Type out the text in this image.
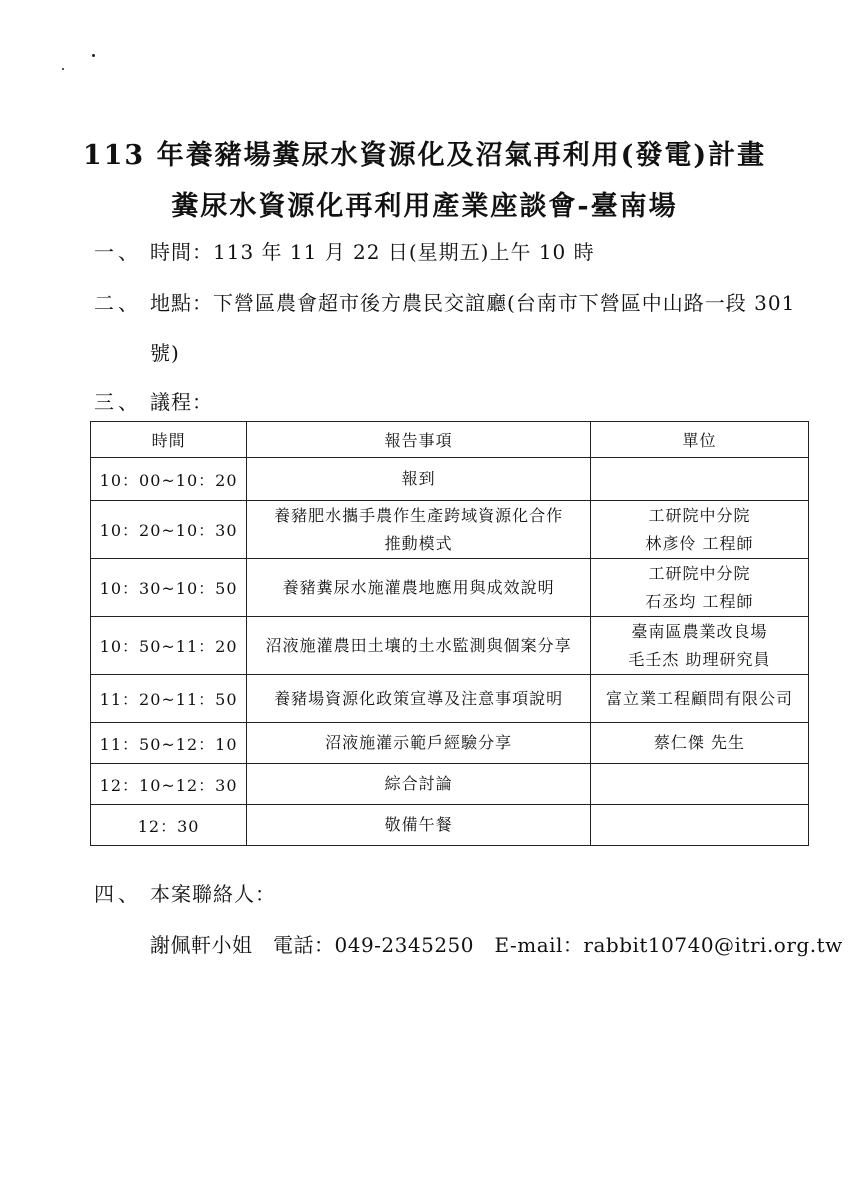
113 年養豬場糞尿水資源化及沼氣再利用(發電)計畫
糞尿水資源化再利用產業座談會-臺南場
一、 時間：113 年 11 月 22 日(星期五)上午 10 時
二、 地點：下營區農會超市後方農民交誼廳(台南市下營區中山路一段 301
號)
三、 議程：
時間	報告事項	單位
10：00~10：20	報到	

10：20~10：30	養豬肥水攜手農作生產跨域資源化合作
推動模式	工研院中分院
林彥伶 工程師

10：30~10：50	養豬糞尿水施灌農地應用與成效說明	工研院中分院
石丞均 工程師

10：50~11：20	沼液施灌農田土壤的土水監測與個案分享	臺南區農業改良場
毛壬杰 助理研究員

11：20~11：50	養豬場資源化政策宣導及注意事項說明	富立業工程顧問有限公司

11：50~12：10	沼液施灌示範戶經驗分享	蔡仁傑 先生

12：10~12：30	綜合討論	

12：30	敬備午餐	

四、 本案聯絡人：
謝佩軒小姐　電話：049-2345250　E-mail：rabbit10740@itri.org.tw
